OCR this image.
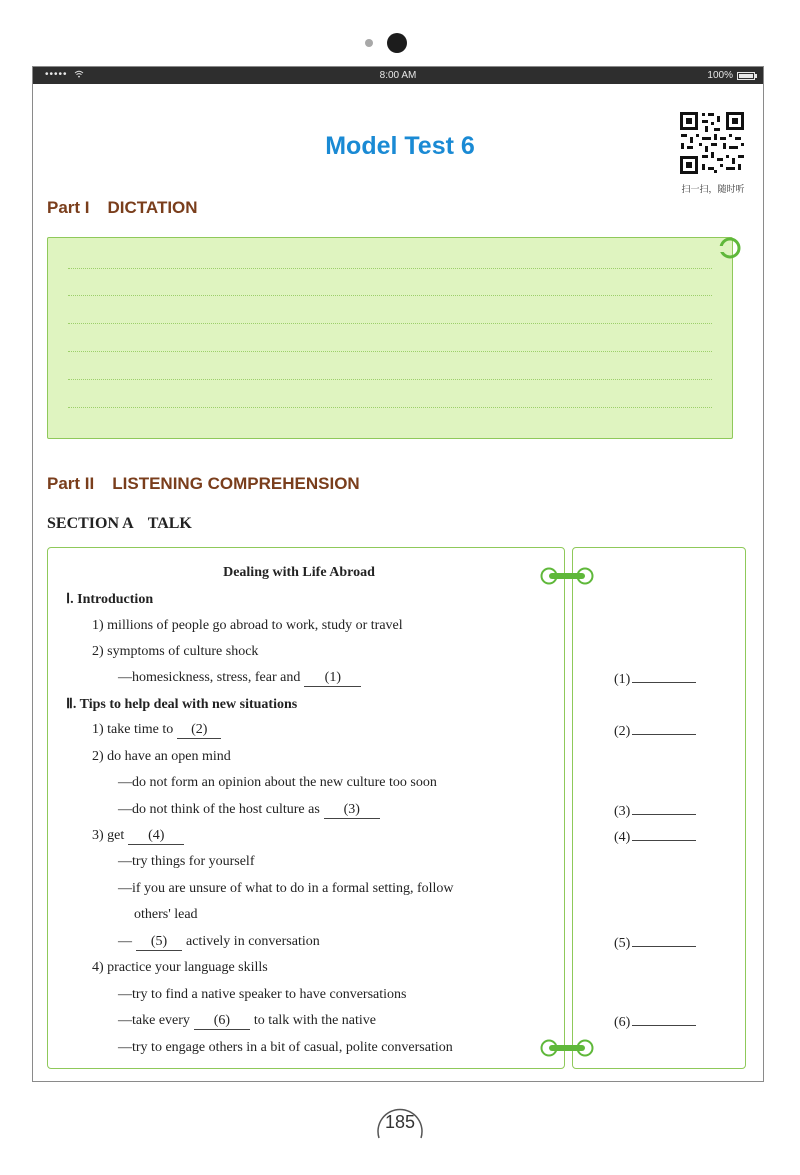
•••••	8:00 AM	100%
Model Test 6
扫一扫，随时听
Part I DICTATION
Part II LISTENING COMPREHENSION
SECTION A TALK
Dealing with Life Abroad
Ⅰ. Introduction
1) millions of people go abroad to work, study or travel
2) symptoms of culture shock
—homesickness, stress, fear and (1)
Ⅱ. Tips to help deal with new situations
1) take time to (2)
2) do have an open mind
—do not form an opinion about the new culture too soon
—do not think of the host culture as (3)
3) get (4)
—try things for yourself
—if you are unsure of what to do in a formal setting, follow
others' lead
— (5) actively in conversation
4) practice your language skills
—try to find a native speaker to have conversations
—take every (6) to talk with the native
—try to engage others in a bit of casual, polite conversation
(1)
(2)
(3)
(4)
(5)
(6)
185
